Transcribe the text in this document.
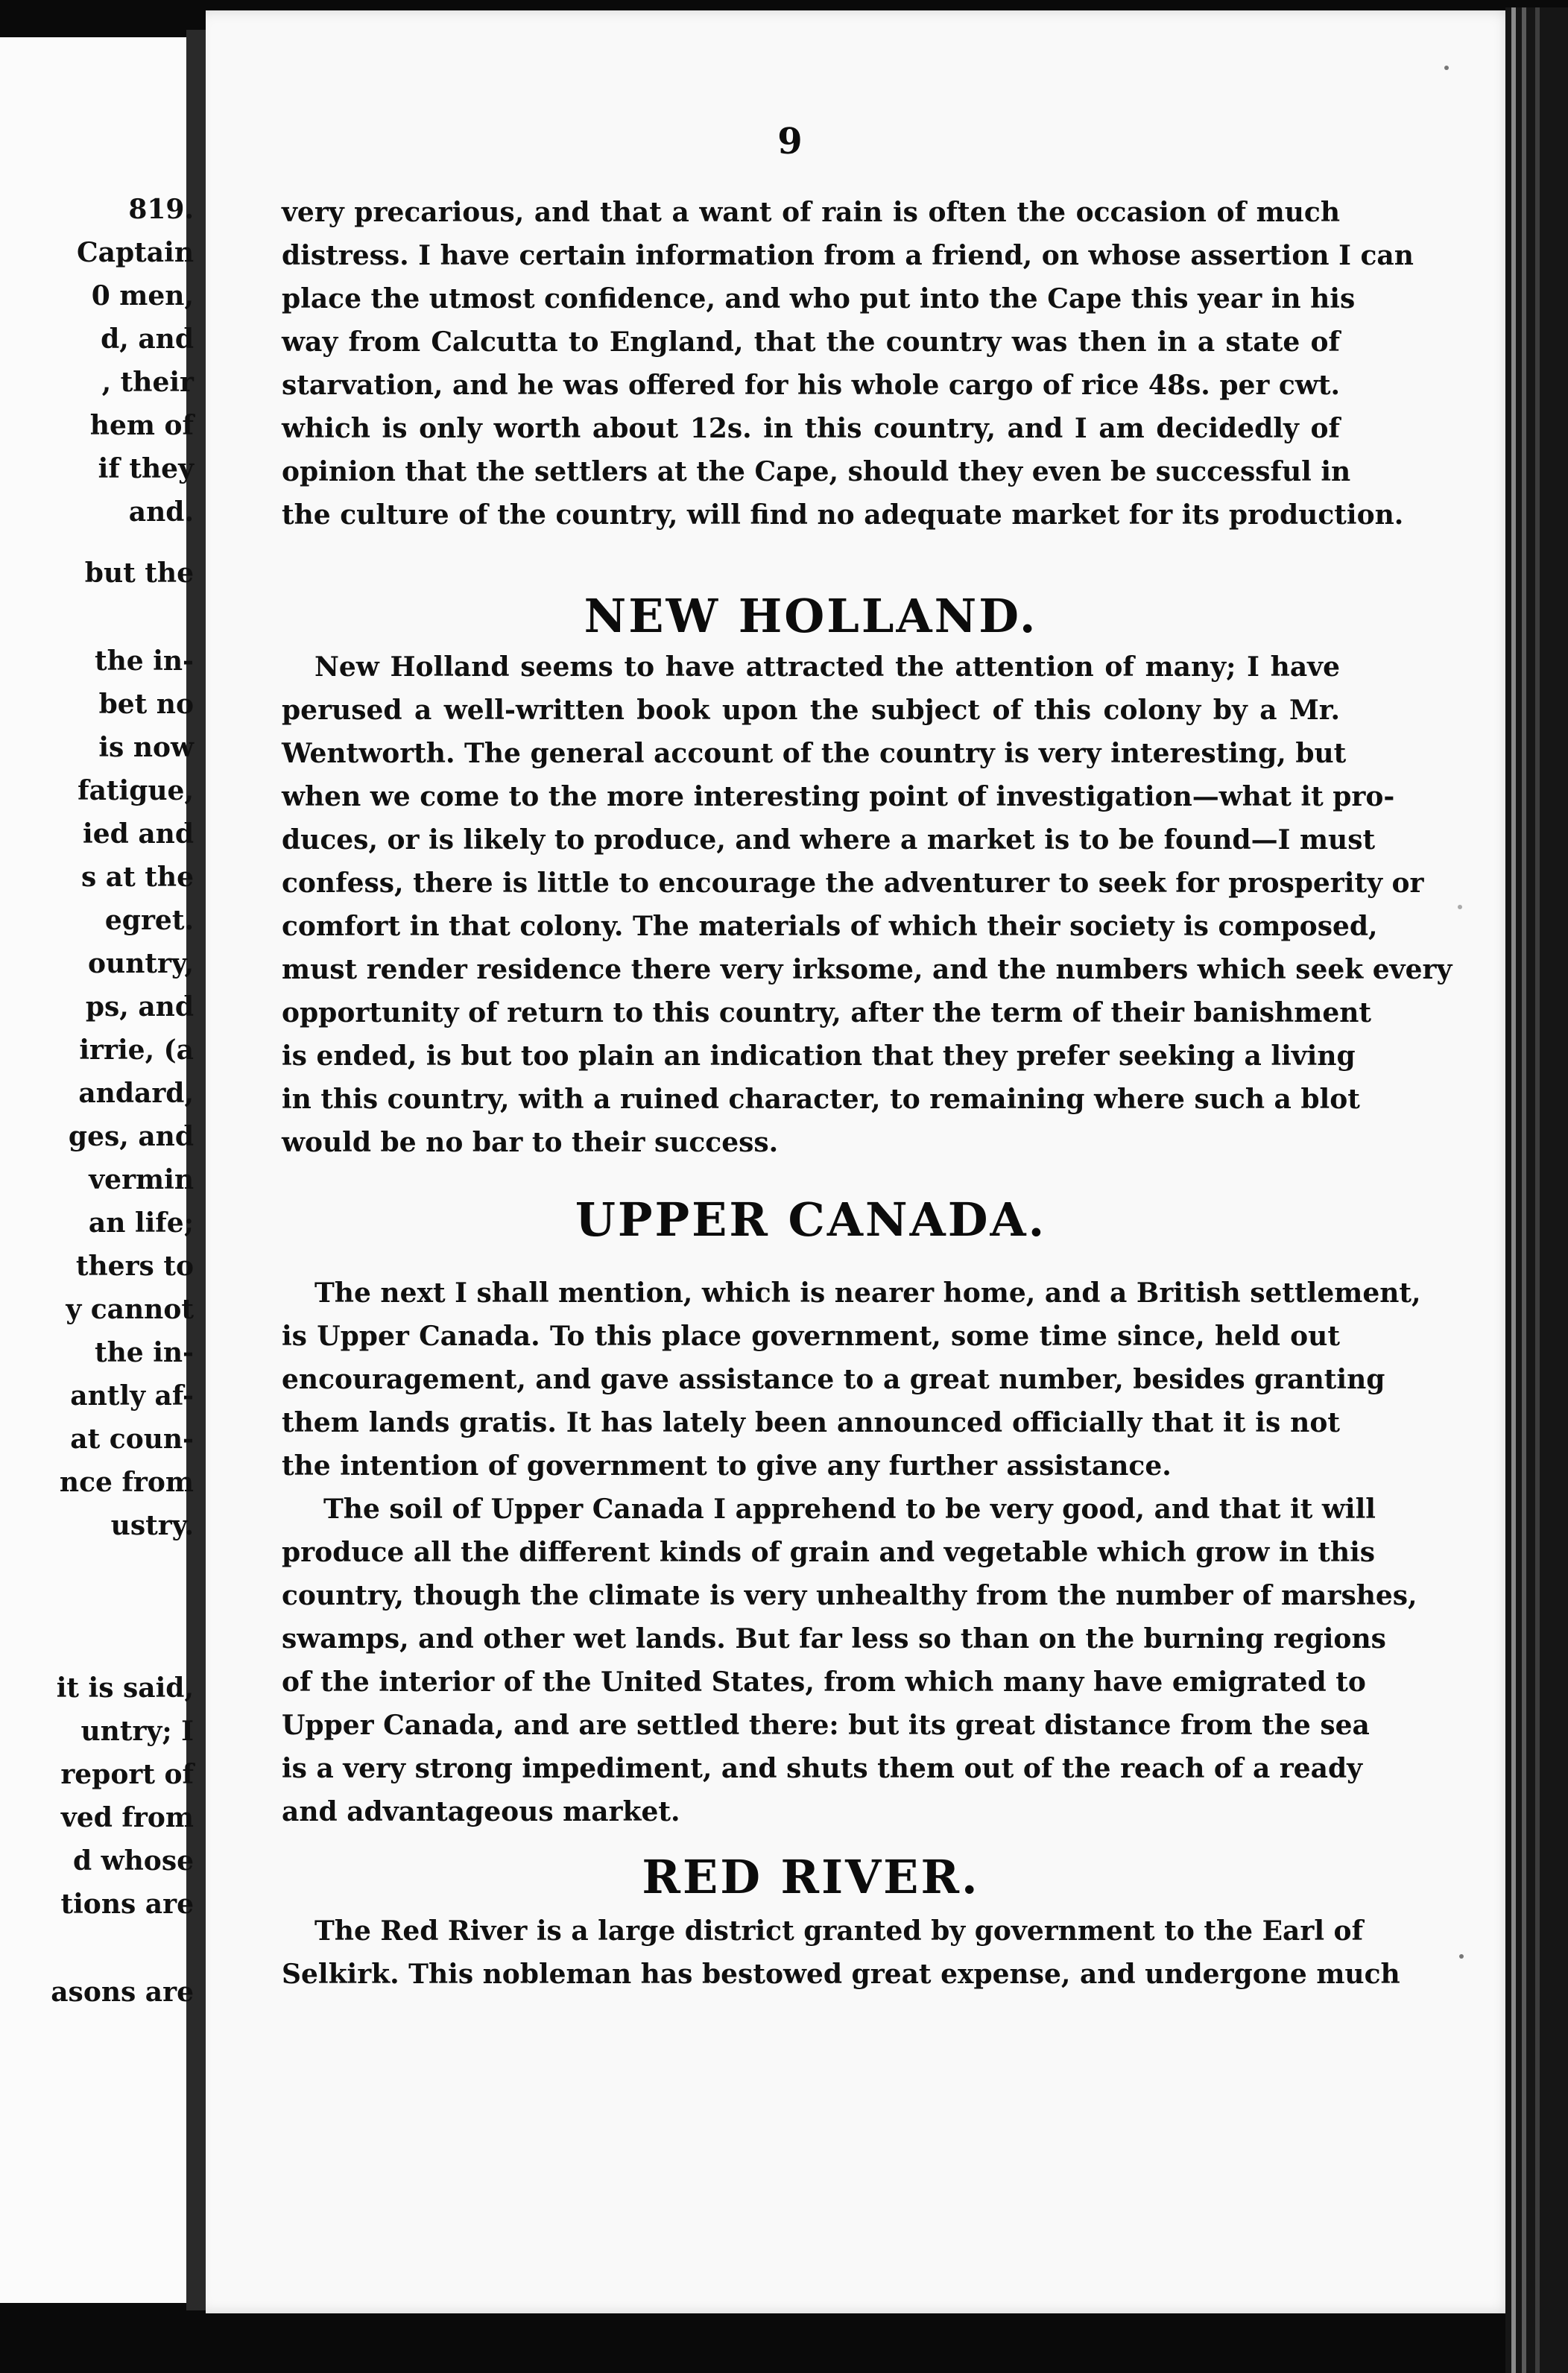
9
819.
Captain
0 men,
d, and
, their
hem of
if they
and.
but the
the in-
bet no
is now
fatigue,
ied and
s at the
egret.
ountry,
ps, and
irrie, (a
andard,
ges, and
vermin
an life;
thers to
y cannot
the in-
antly af-
at coun-
nce from
ustry.
it is said,
untry; I
report of
ved from
d whose
tions are
asons are
very precarious, and that a want of rain is often the occasion of much
distress. I have certain information from a friend, on whose assertion I can
place the utmost confidence, and who put into the Cape this year in his
way from Calcutta to England, that the country was then in a state of
starvation, and he was offered for his whole cargo of rice 48s. per cwt.
which is only worth about 12s. in this country, and I am decidedly of
opinion that the settlers at the Cape, should they even be successful in
the culture of the country, will find no adequate market for its production.
NEW HOLLAND.
New Holland seems to have attracted the attention of many; I have
perused a well-written book upon the subject of this colony by a Mr.
Wentworth. The general account of the country is very interesting, but
when we come to the more interesting point of investigation—what it pro-
duces, or is likely to produce, and where a market is to be found—I must
confess, there is little to encourage the adventurer to seek for prosperity or
comfort in that colony. The materials of which their society is composed,
must render residence there very irksome, and the numbers which seek every
opportunity of return to this country, after the term of their banishment
is ended, is but too plain an indication that they prefer seeking a living
in this country, with a ruined character, to remaining where such a blot
would be no bar to their success.
UPPER CANADA.
The next I shall mention, which is nearer home, and a British settlement,
is Upper Canada. To this place government, some time since, held out
encouragement, and gave assistance to a great number, besides granting
them lands gratis. It has lately been announced officially that it is not
the intention of government to give any further assistance.
The soil of Upper Canada I apprehend to be very good, and that it will
produce all the different kinds of grain and vegetable which grow in this
country, though the climate is very unhealthy from the number of marshes,
swamps, and other wet lands. But far less so than on the burning regions
of the interior of the United States, from which many have emigrated to
Upper Canada, and are settled there: but its great distance from the sea
is a very strong impediment, and shuts them out of the reach of a ready
and advantageous market.
RED RIVER.
The Red River is a large district granted by government to the Earl of
Selkirk. This nobleman has bestowed great expense, and undergone much
